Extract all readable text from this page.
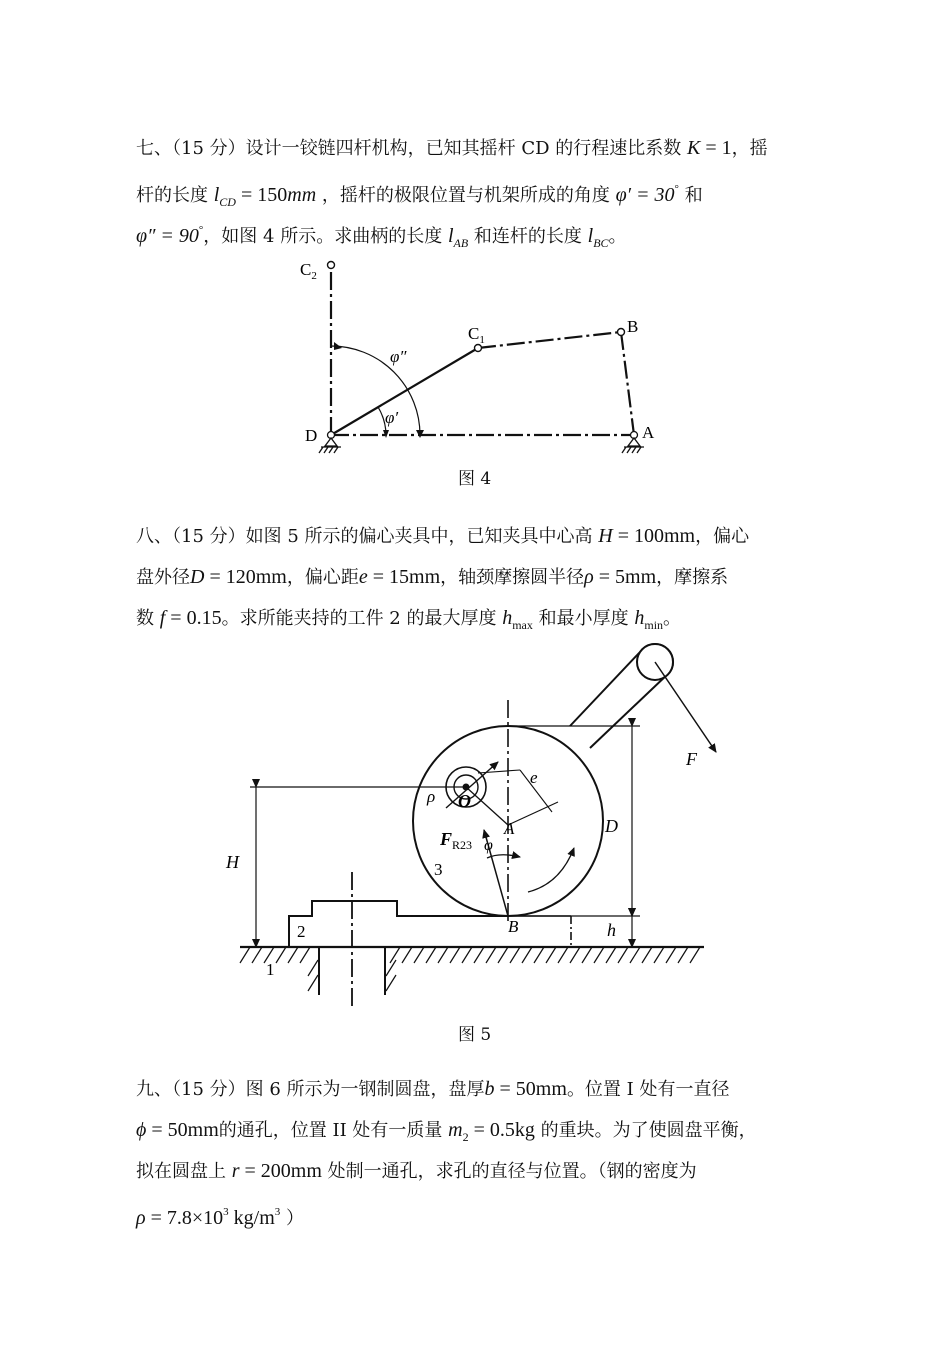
七、（15 分）设计一铰链四杆机构，已知其摇杆 CD 的行程速比系数 K = 1，摇
杆的长度 $l_{CD} = 150mm$ ，摇杆的极限位置与机架所成的角度 φ′ = 30° 和
φ″ = 90°，如图 4 所示。求曲柄的长度 $l_{AB}$ 和连杆的长度 $l_{BC}$。
$C_2$
$C_1$
B
D	A
φ″
φ′
图 4
八、（15 分）如图 5 所示的偏心夹具中，已知夹具中心高 H = 100mm，偏心
盘外径D = 120mm，偏心距e = 15mm，轴颈摩擦圆半径ρ = 5mm，摩擦系
数 f = 0.15。求所能夹持的工件 2 的最大厚度 $h_{max}$ 和最小厚度 $h_{min}$。
F
e
ρ O
A	D
H
$F_{R23}$ φ
3
2	B	h
1
图 5
九、（15 分）图 6 所示为一钢制圆盘，盘厚b = 50mm。位置 I 处有一直径
ϕ = 50mm的通孔，位置 II 处有一质量 $m_2 = 0.5kg$ 的重块。为了使圆盘平衡，
拟在圆盘上 r = 200mm 处制一通孔，求孔的直径与位置。（钢的密度为
$\rho = 7.8\times 10^3$ $kg/m^3$ ）
